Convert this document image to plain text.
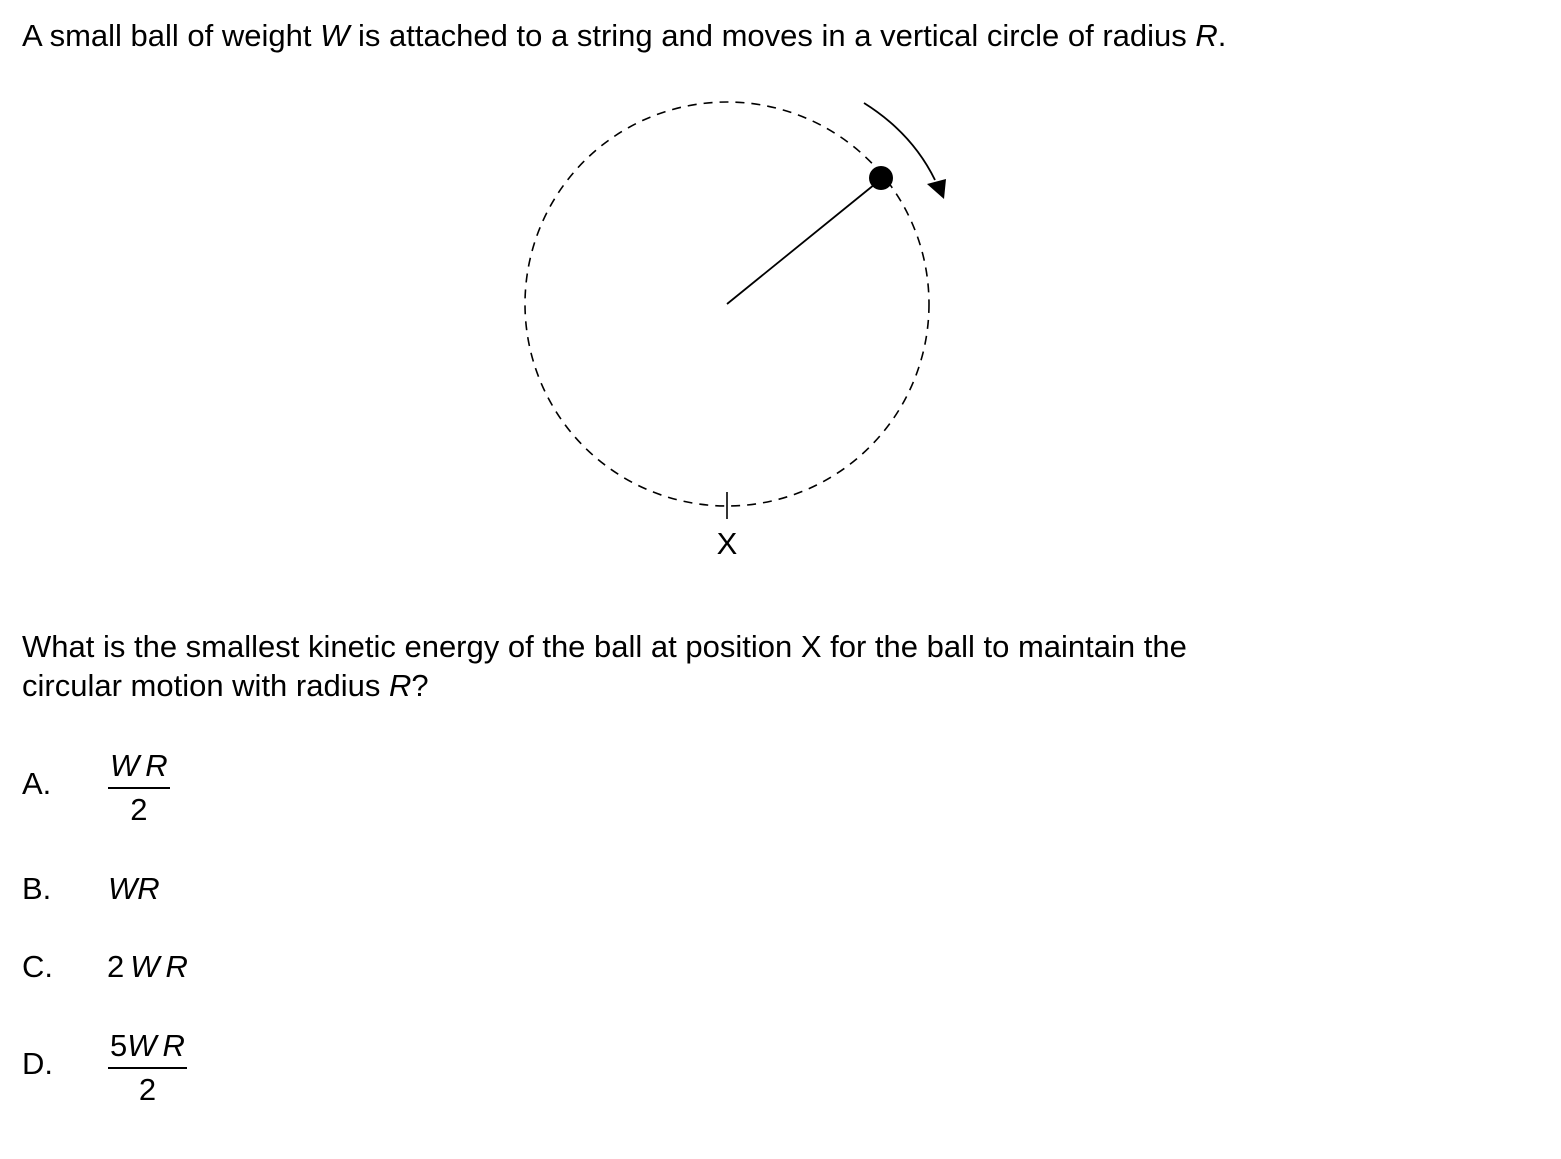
A small ball of weight W is attached to a string and moves in a vertical circle of radius R.
X
What is the smallest kinetic energy of the ball at position X for the ball to maintain the
circular motion with radius R?
A. $\frac{\text{W R}}{2}$
B. WR
C. 2 W R
D. $\frac{\text{5W R}}{2}$
